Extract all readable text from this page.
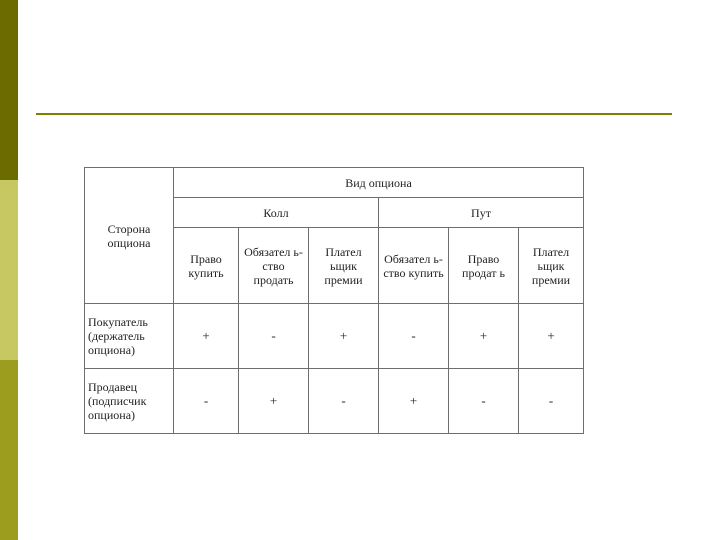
Сторона опциона	Вид опциона					
	Колл			Пут		
	Право купить	Обязател ь-ство продать	Плател ьщик премии	Обязател ь-ство купить	Право продат ь	Плател ьщик премии
Покупатель (держатель опциона)	+	-	+	-	+	+
Продавец (подписчик опциона)	-	+	-	+	-	-
